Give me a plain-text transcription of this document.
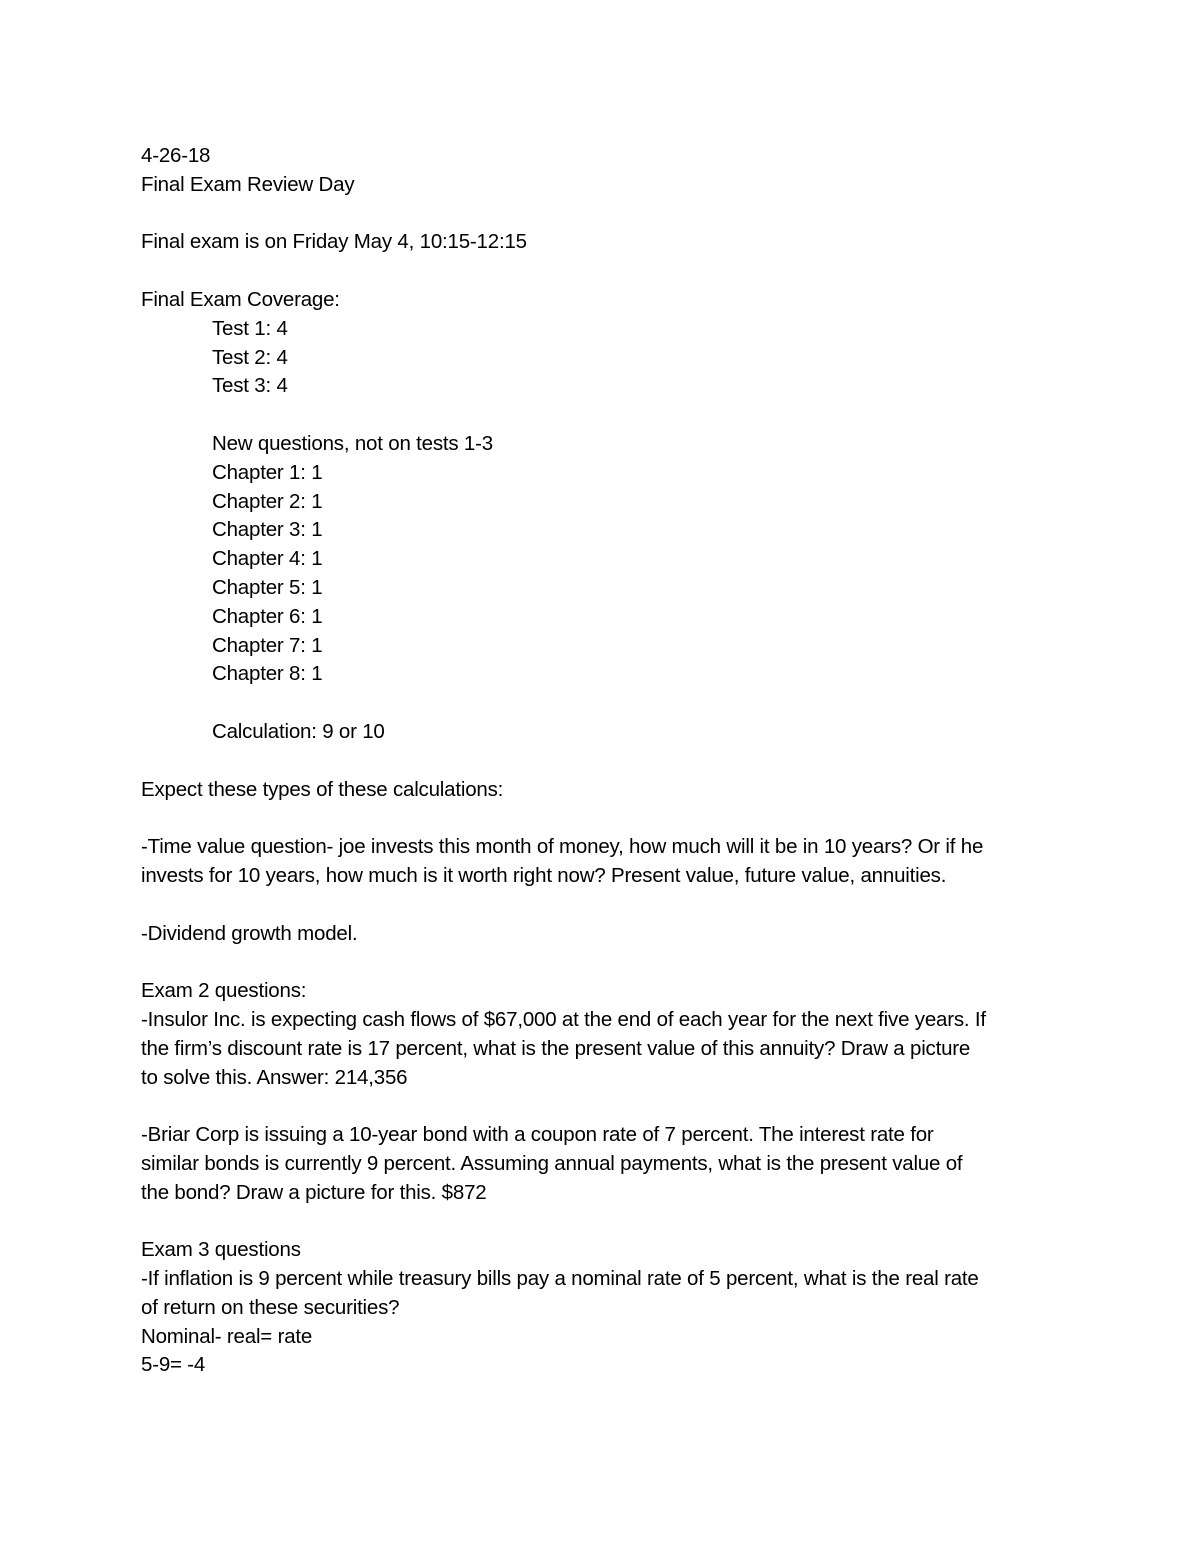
4-26-18
Final Exam Review Day
Final exam is on Friday May 4, 10:15-12:15
Final Exam Coverage:
Test 1: 4
Test 2: 4
Test 3: 4
New questions, not on tests 1-3
Chapter 1: 1
Chapter 2: 1
Chapter 3: 1
Chapter 4: 1
Chapter 5: 1
Chapter 6: 1
Chapter 7: 1
Chapter 8: 1
Calculation: 9 or 10
Expect these types of these calculations:
-Time value question- joe invests this month of money, how much will it be in 10 years? Or if he
invests for 10 years, how much is it worth right now? Present value, future value, annuities.
-Dividend growth model.
Exam 2 questions:
-Insulor Inc. is expecting cash flows of $67,000 at the end of each year for the next five years. If
the firm’s discount rate is 17 percent, what is the present value of this annuity? Draw a picture
to solve this. Answer: 214,356
-Briar Corp is issuing a 10-year bond with a coupon rate of 7 percent. The interest rate for
similar bonds is currently 9 percent. Assuming annual payments, what is the present value of
the bond? Draw a picture for this. $872
Exam 3 questions
-If inflation is 9 percent while treasury bills pay a nominal rate of 5 percent, what is the real rate
of return on these securities?
Nominal- real= rate
5-9= -4
